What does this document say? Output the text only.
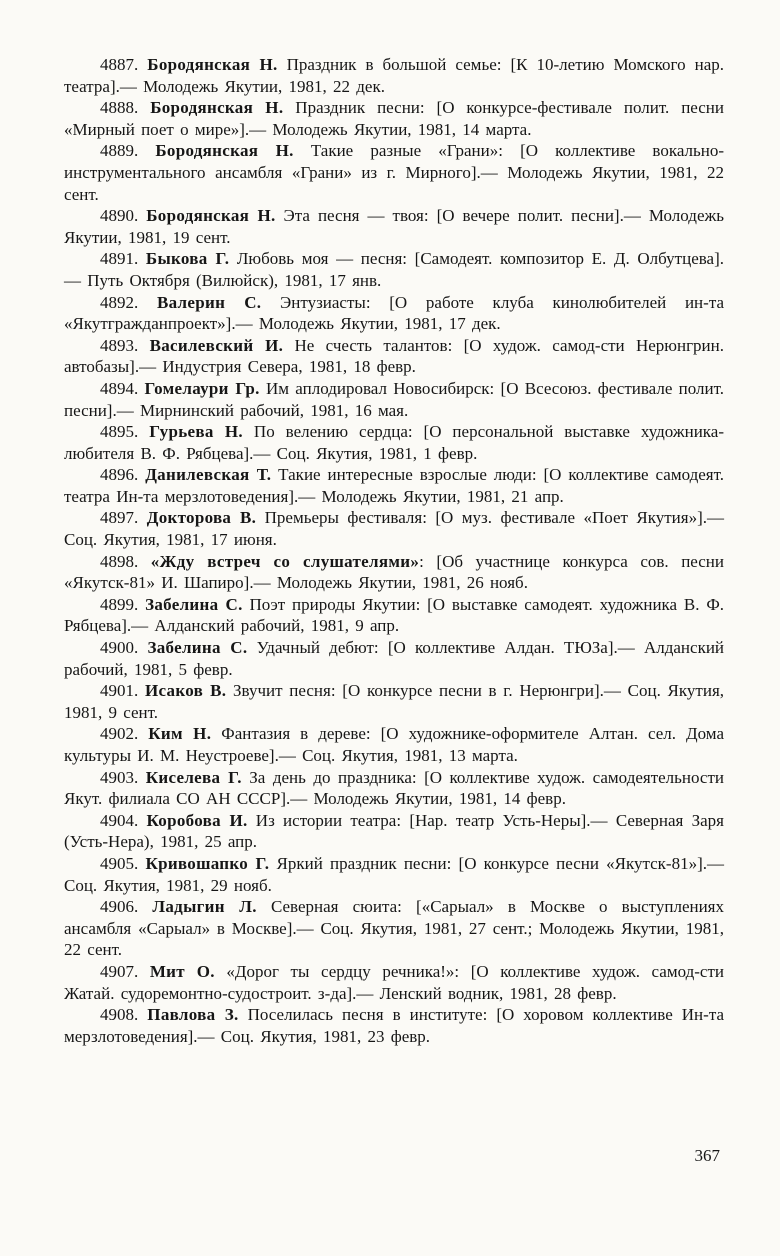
4887. Бородянская Н. Праздник в большой семье: [К 10-летию Момского нар. театра].— Молодежь Якутии, 1981, 22 дек.

4888. Бородянская Н. Праздник песни: [О конкурсе-фестивале полит. песни «Мирный поет о мире»].— Молодежь Якутии, 1981, 14 марта.

4889. Бородянская Н. Такие разные «Грани»: [О коллективе вокально-инструментального ансамбля «Грани» из г. Мирного].— Молодежь Якутии, 1981, 22 сент.

4890. Бородянская Н. Эта песня — твоя: [О вечере полит. песни].— Молодежь Якутии, 1981, 19 сент.

4891. Быкова Г. Любовь моя — песня: [Самодеят. композитор Е. Д. Олбутцева].— Путь Октября (Вилюйск), 1981, 17 янв.

4892. Валерин С. Энтузиасты: [О работе клуба кинолюбителей ин-та «Якутгражданпроект»].— Молодежь Якутии, 1981, 17 дек.

4893. Василевский И. Не счесть талантов: [О худож. самод-сти Нерюнгрин. автобазы].— Индустрия Севера, 1981, 18 февр.

4894. Гомелаури Гр. Им аплодировал Новосибирск: [О Всесоюз. фестивале полит. песни].— Мирнинский рабочий, 1981, 16 мая.

4895. Гурьева Н. По велению сердца: [О персональной выставке художника-любителя В. Ф. Рябцева].— Соц. Якутия, 1981, 1 февр.

4896. Данилевская Т. Такие интересные взрослые люди: [О коллективе самодеят. театра Ин-та мерзлотоведения].— Молодежь Якутии, 1981, 21 апр.

4897. Докторова В. Премьеры фестиваля: [О муз. фестивале «Поет Якутия»].— Соц. Якутия, 1981, 17 июня.

4898. «Жду встреч со слушателями»: [Об участнице конкурса сов. песни «Якутск-81» И. Шапиро].— Молодежь Якутии, 1981, 26 нояб.

4899. Забелина С. Поэт природы Якутии: [О выставке самодеят. художника В. Ф. Рябцева].— Алданский рабочий, 1981, 9 апр.

4900. Забелина С. Удачный дебют: [О коллективе Алдан. ТЮЗа].— Алданский рабочий, 1981, 5 февр.

4901. Исаков В. Звучит песня: [О конкурсе песни в г. Нерюнгри].— Соц. Якутия, 1981, 9 сент.

4902. Ким Н. Фантазия в дереве: [О художнике-оформителе Алтан. сел. Дома культуры И. М. Неустроеве].— Соц. Якутия, 1981, 13 марта.

4903. Киселева Г. За день до праздника: [О коллективе худож. самодеятельности Якут. филиала СО АН СССР].— Молодежь Якутии, 1981, 14 февр.

4904. Коробова И. Из истории театра: [Нар. театр Усть-Неры].— Северная Заря (Усть-Нера), 1981, 25 апр.

4905. Кривошапко Г. Яркий праздник песни: [О конкурсе песни «Якутск-81»].— Соц. Якутия, 1981, 29 нояб.

4906. Ладыгин Л. Северная сюита: [«Сарыал» в Москве о выступлениях ансамбля «Сарыал» в Москве].— Соц. Якутия, 1981, 27 сент.; Молодежь Якутии, 1981, 22 сент.

4907. Мит О. «Дорог ты сердцу речника!»: [О коллективе худож. самод-сти Жатай. судоремонтно-судостроит. з-да].— Ленский водник, 1981, 28 февр.

4908. Павлова З. Поселилась песня в институте: [О хоровом коллективе Ин-та мерзлотоведения].— Соц. Якутия, 1981, 23 февр.

367
